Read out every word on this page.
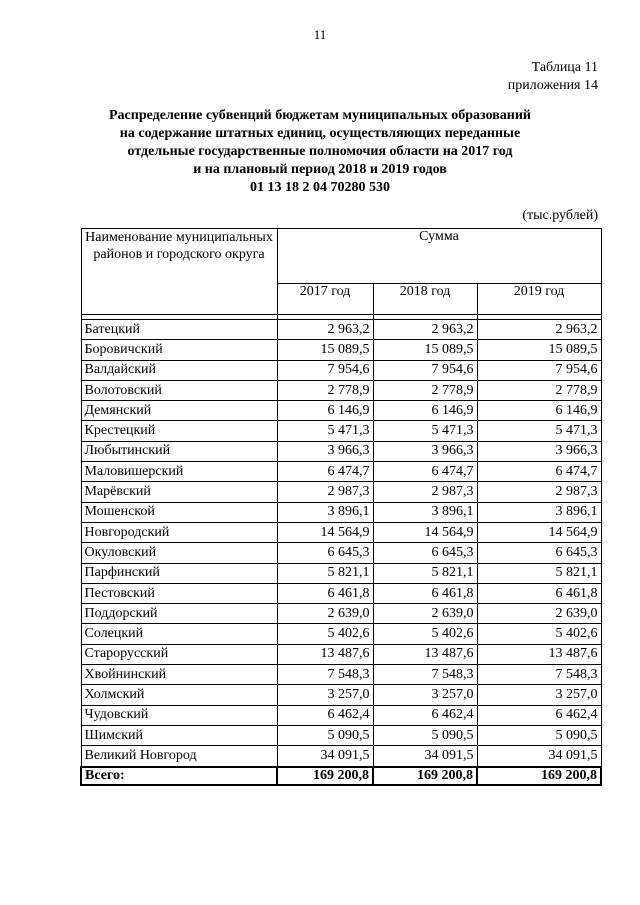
11
Таблица 11
приложения 14
Распределение субвенций бюджетам муниципальных образований
на содержание штатных единиц, осуществляющих переданные
отдельные государственные полномочия области на 2017 год
и на плановый период 2018 и 2019 годов
01 13 18 2 04 70280 530
(тыс.рублей)
Наименование муниципальных районов и городского округа	Сумма		
	2017 год	2018 год	2019 год

Батецкий	2 963,2	2 963,2	2 963,2
Боровичский	15 089,5	15 089,5	15 089,5
Валдайский	7 954,6	7 954,6	7 954,6
Волотовский	2 778,9	2 778,9	2 778,9
Демянский	6 146,9	6 146,9	6 146,9
Крестецкий	5 471,3	5 471,3	5 471,3
Любытинский	3 966,3	3 966,3	3 966,3
Маловишерский	6 474,7	6 474,7	6 474,7
Марёвский	2 987,3	2 987,3	2 987,3
Мошенской	3 896,1	3 896,1	3 896,1
Новгородский	14 564,9	14 564,9	14 564,9
Окуловский	6 645,3	6 645,3	6 645,3
Парфинский	5 821,1	5 821,1	5 821,1
Пестовский	6 461,8	6 461,8	6 461,8
Поддорский	2 639,0	2 639,0	2 639,0
Солецкий	5 402,6	5 402,6	5 402,6
Старорусский	13 487,6	13 487,6	13 487,6
Хвойнинский	7 548,3	7 548,3	7 548,3
Холмский	3 257,0	3 257,0	3 257,0
Чудовский	6 462,4	6 462,4	6 462,4
Шимский	5 090,5	5 090,5	5 090,5
Великий Новгород	34 091,5	34 091,5	34 091,5
Всего:	169 200,8	169 200,8	169 200,8
